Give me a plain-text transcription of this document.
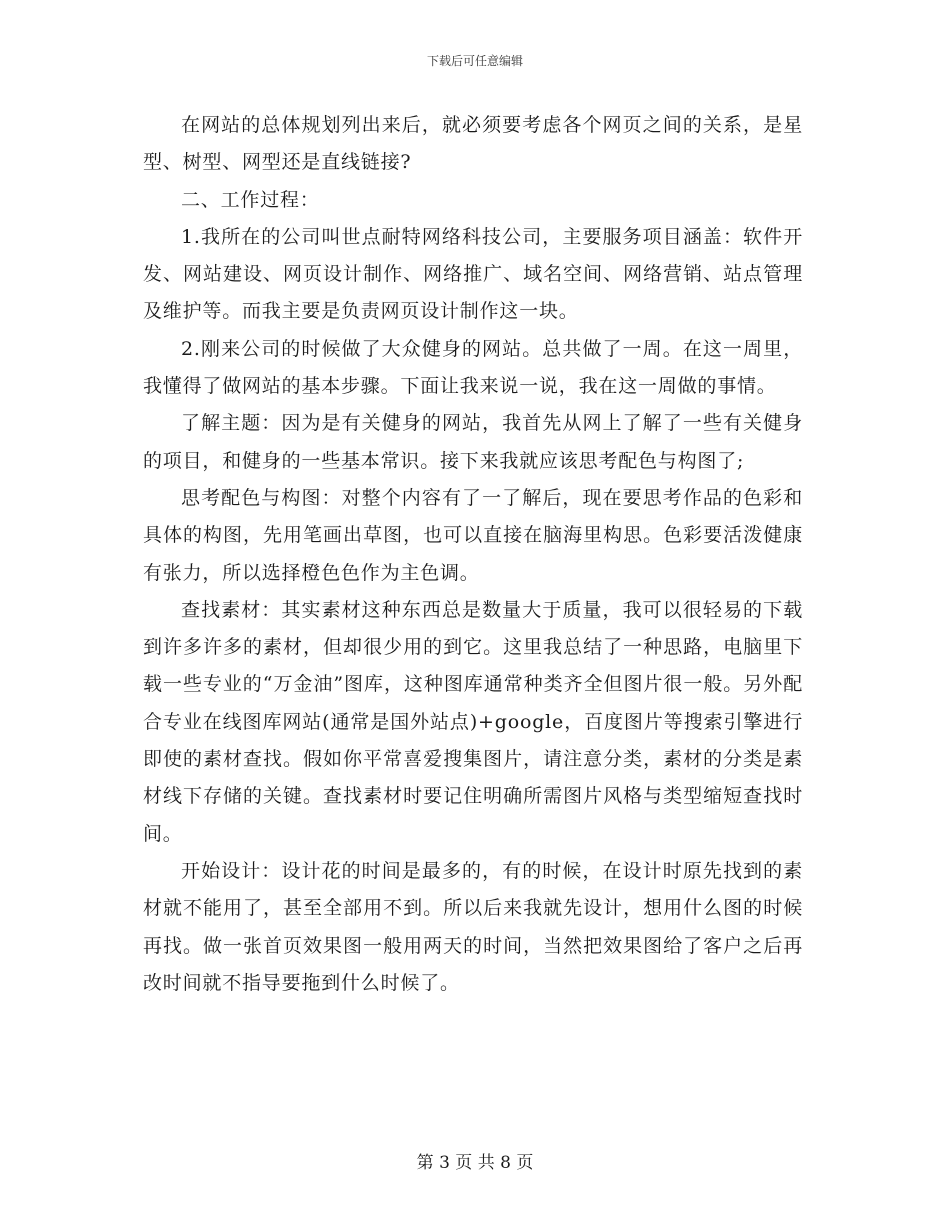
下载后可任意编辑

在网站的总体规划列出来后，就必须要考虑各个网页之间的关系，是星型、树型、网型还是直线链接?

二、工作过程：

1.我所在的公司叫世点耐特网络科技公司，主要服务项目涵盖：软件开发、网站建设、网页设计制作、网络推广、域名空间、网络营销、站点管理及维护等。而我主要是负责网页设计制作这一块。

2.刚来公司的时候做了大众健身的网站。总共做了一周。在这一周里，我懂得了做网站的基本步骤。下面让我来说一说，我在这一周做的事情。

了解主题：因为是有关健身的网站，我首先从网上了解了一些有关健身的项目，和健身的一些基本常识。接下来我就应该思考配色与构图了;

思考配色与构图：对整个内容有了一了解后，现在要思考作品的色彩和具体的构图，先用笔画出草图，也可以直接在脑海里构思。色彩要活泼健康有张力，所以选择橙色色作为主色调。

查找素材：其实素材这种东西总是数量大于质量，我可以很轻易的下载到许多许多的素材，但却很少用的到它。这里我总结了一种思路，电脑里下载一些专业的“万金油”图库，这种图库通常种类齐全但图片很一般。另外配合专业在线图库网站(通常是国外站点)+google，百度图片等搜索引擎进行即使的素材查找。假如你平常喜爱搜集图片，请注意分类，素材的分类是素材线下存储的关键。查找素材时要记住明确所需图片风格与类型缩短查找时间。

开始设计：设计花的时间是最多的，有的时候，在设计时原先找到的素材就不能用了，甚至全部用不到。所以后来我就先设计，想用什么图的时候再找。做一张首页效果图一般用两天的时间，当然把效果图给了客户之后再改时间就不指导要拖到什么时候了。

第 3 页 共 8 页
